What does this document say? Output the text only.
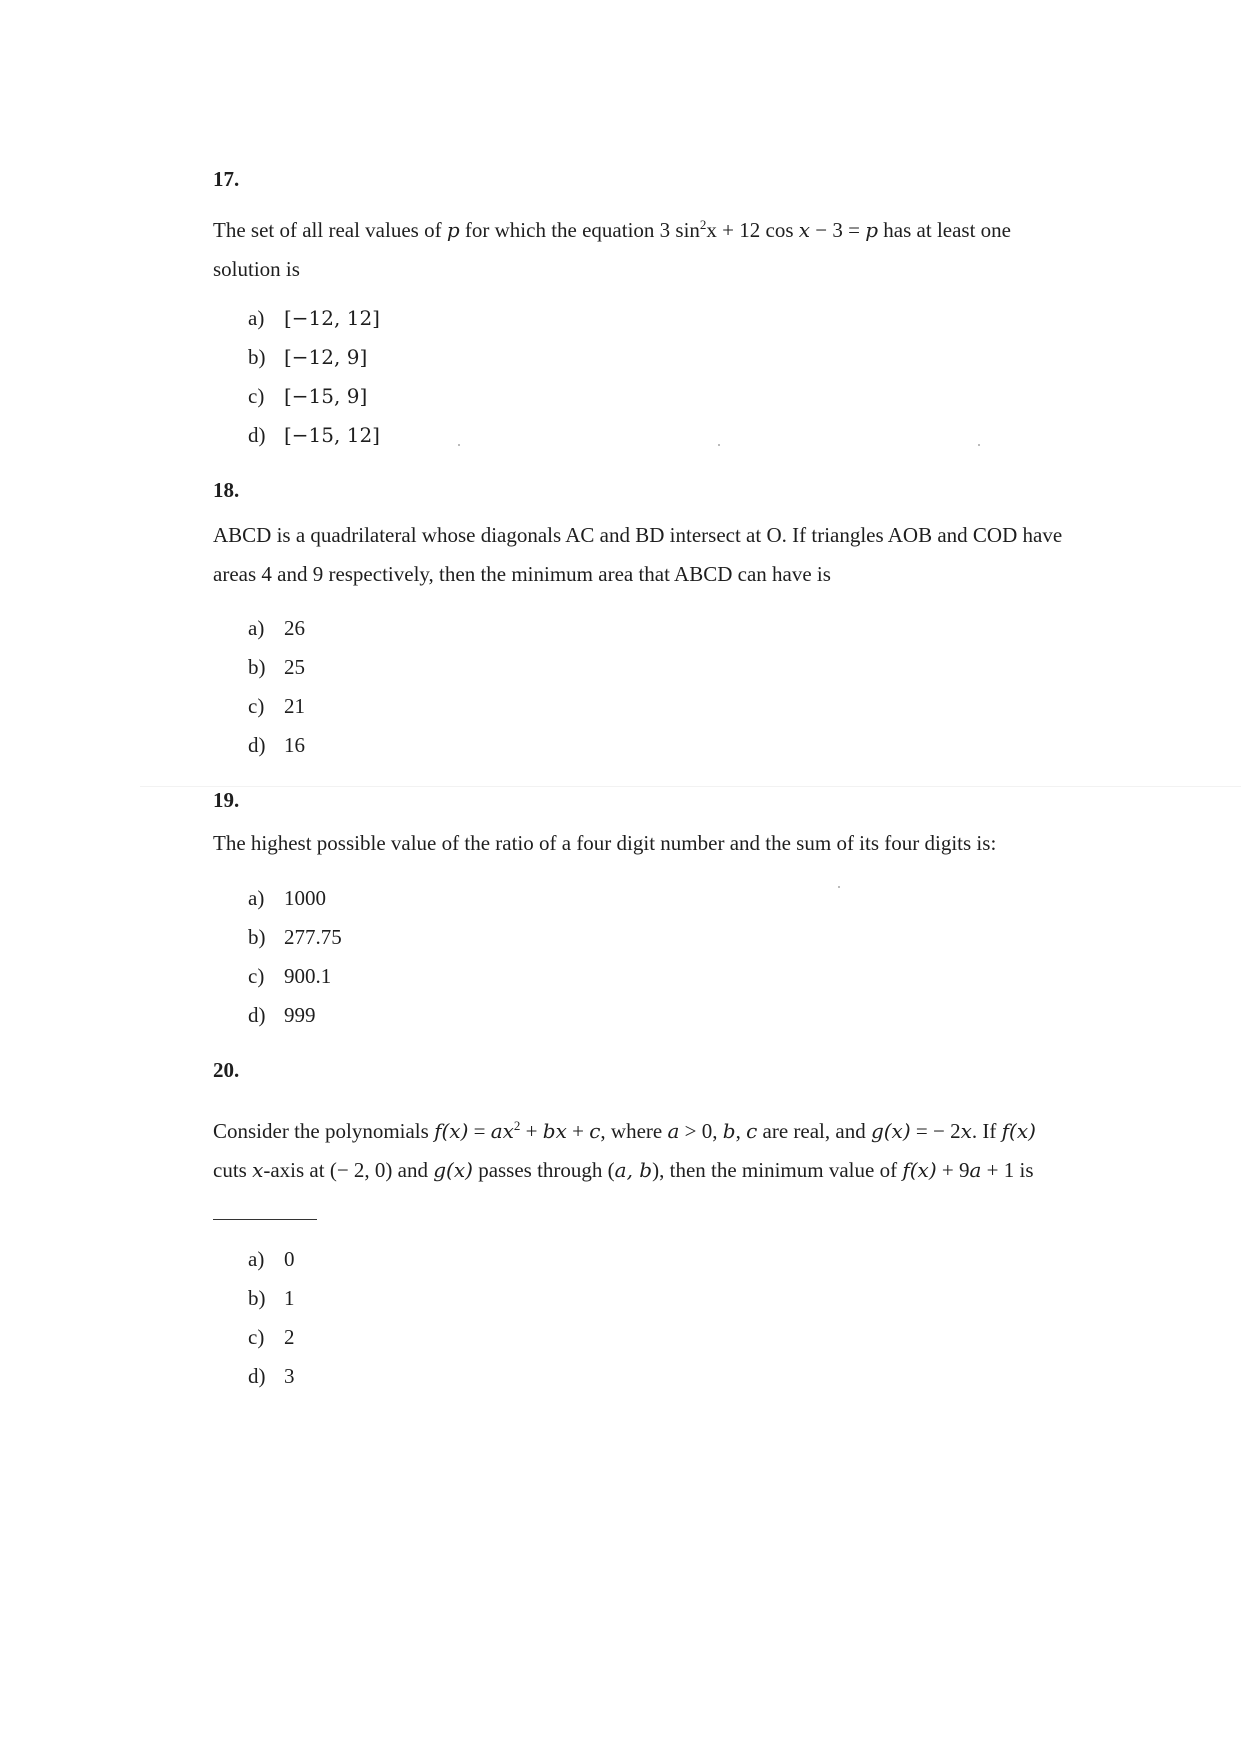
17.
The set of all real values of p for which the equation 3 $\sin^2x + 12$ cos x − 3 = p has at least one solution is
a) [−12, 12]
b) [−12, 9]
c) [−15, 9]
d) [−15, 12]
18.
ABCD is a quadrilateral whose diagonals AC and BD intersect at O. If triangles AOB and COD have areas 4 and 9 respectively, then the minimum area that ABCD can have is
a) 26
b) 25
c) 21
d) 16
19.
The highest possible value of the ratio of a four digit number and the sum of its four digits is:
a) 1000
b) 277.75
c) 900.1
d) 999
20.
Consider the polynomials $f(x) = ax^2$ + bx + c, where a > 0, b, c are real, and g(x) = − 2x. If f(x) cuts x-axis at (− 2, 0) and g(x) passes through (a, b), then the minimum value of f(x) + 9a + 1 is
a) 0
b) 1
c) 2
d) 3
